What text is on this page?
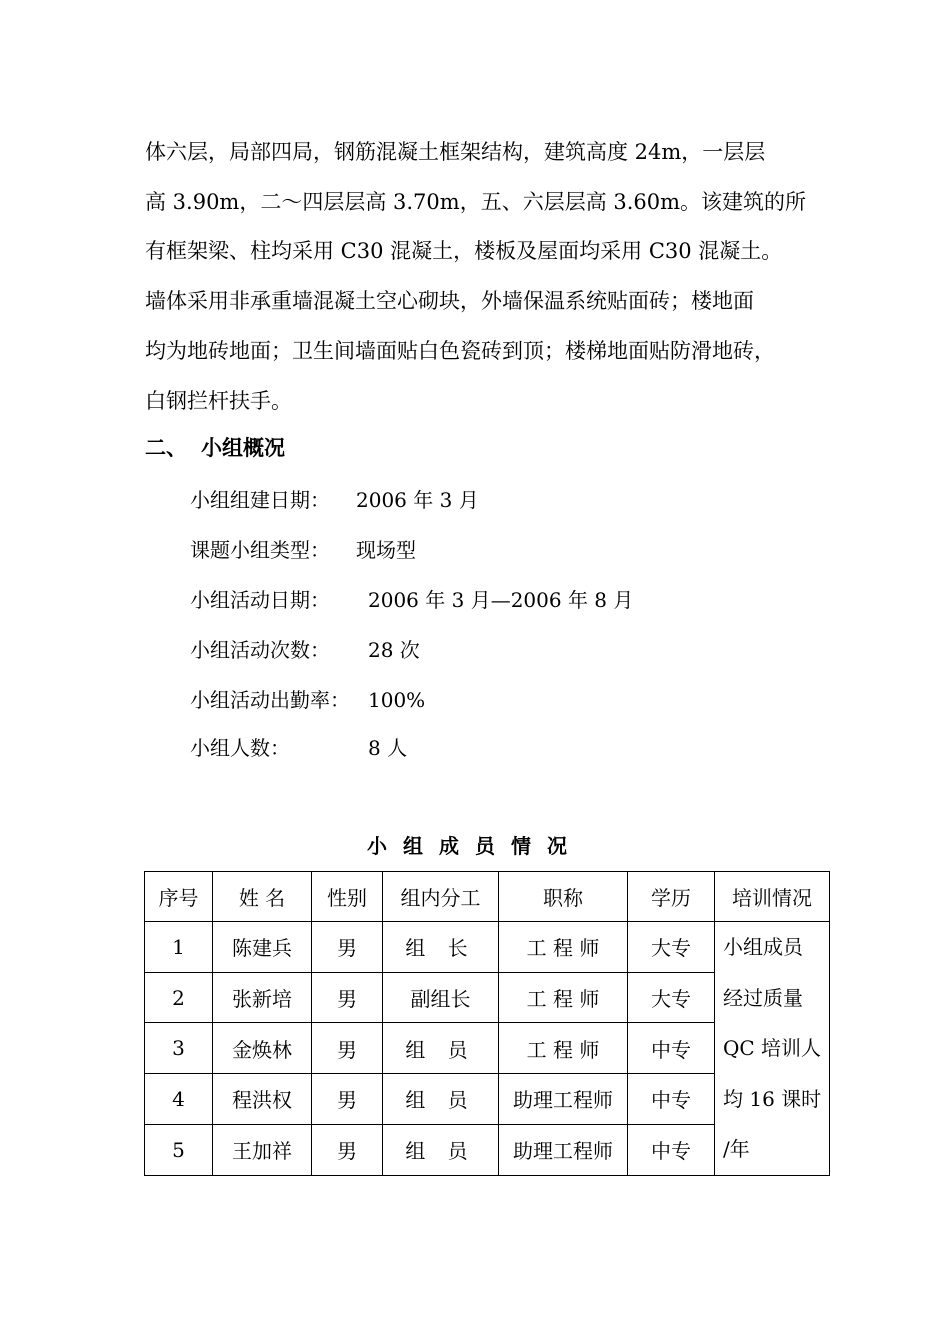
体六层，局部四局，钢筋混凝土框架结构，建筑高度 24m，一层层
高 3.90m，二～四层层高 3.70m，五、六层层高 3.60m。该建筑的所
有框架梁、柱均采用 C30 混凝土，楼板及屋面均采用 C30 混凝土。
墙体采用非承重墙混凝土空心砌块，外墙保温系统贴面砖；楼地面
均为地砖地面；卫生间墙面贴白色瓷砖到顶；楼梯地面贴防滑地砖，
白钢拦杆扶手。
二、 小组概况
小组组建日期： 2006 年 3 月
课题小组类型： 现场型
小组活动日期： 2006 年 3 月—2006 年 8 月
小组活动次数： 28 次
小组活动出勤率： 100%
小组人数：	8 人
小组成员情况
序号	姓 名	性别	组内分工	职称	学历	培训情况
1	陈建兵	男	组 长	工 程 师	大专	小组成员
经过质量
QC 培训人
均 16 课时
/年

2	张新培	男	副组长	工 程 师	大专	
3	金焕林	男	组 员	工 程 师	中专	
4	程洪权	男	组 员	助理工程师	中专	
5	王加祥	男	组 员	助理工程师	中专	
